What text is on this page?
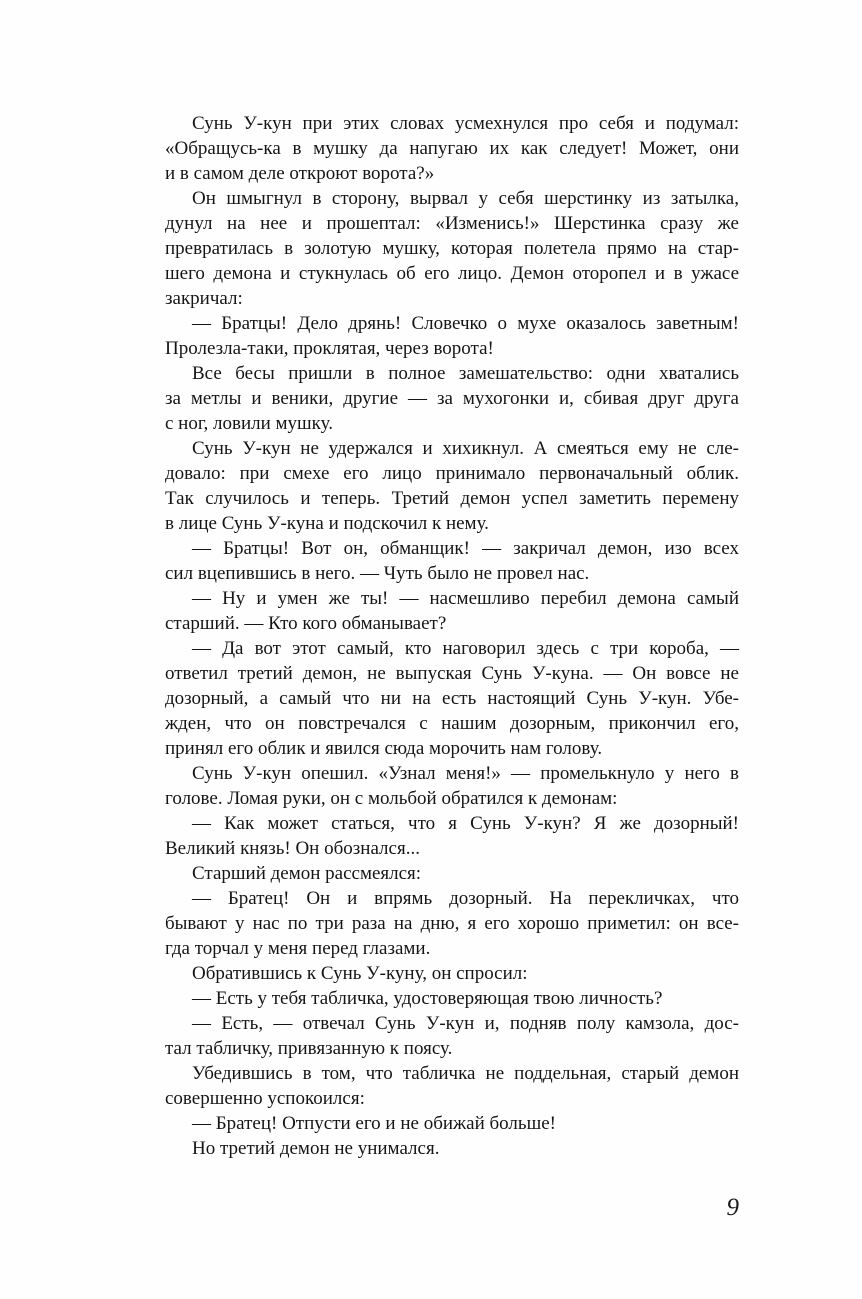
Сунь У-кун при этих словах усмехнулся про себя и подумал:
«Обращусь-ка в мушку да напугаю их как следует! Может, они
и в самом деле откроют ворота?»
Он шмыгнул в сторону, вырвал у себя шерстинку из затылка,
дунул на нее и прошептал: «Изменись!» Шерстинка сразу же
превратилась в золотую мушку, которая полетела прямо на стар-
шего демона и стукнулась об его лицо. Демон оторопел и в ужасе
закричал:
— Братцы! Дело дрянь! Словечко о мухе оказалось заветным!
Пролезла-таки, проклятая, через ворота!
Все бесы пришли в полное замешательство: одни хватались
за метлы и веники, другие — за мухогонки и, сбивая друг друга
с ног, ловили мушку.
Сунь У-кун не удержался и хихикнул. А смеяться ему не сле-
довало: при смехе его лицо принимало первоначальный облик.
Так случилось и теперь. Третий демон успел заметить перемену
в лице Сунь У-куна и подскочил к нему.
— Братцы! Вот он, обманщик! — закричал демон, изо всех
сил вцепившись в него. — Чуть было не провел нас.
— Ну и умен же ты! — насмешливо перебил демона самый
старший. — Кто кого обманывает?
— Да вот этот самый, кто наговорил здесь с три короба, —
ответил третий демон, не выпуская Сунь У-куна. — Он вовсе не
дозорный, а самый что ни на есть настоящий Сунь У-кун. Убе-
жден, что он повстречался с нашим дозорным, прикончил его,
принял его облик и явился сюда морочить нам голову.
Сунь У-кун опешил. «Узнал меня!» — промелькнуло у него в
голове. Ломая руки, он с мольбой обратился к демонам:
— Как может статься, что я Сунь У-кун? Я же дозорный!
Великий князь! Он обознался...
Старший демон рассмеялся:
— Братец! Он и впрямь дозорный. На перекличках, что
бывают у нас по три раза на дню, я его хорошо приметил: он все-
гда торчал у меня перед глазами.
Обратившись к Сунь У-куну, он спросил:
— Есть у тебя табличка, удостоверяющая твою личность?
— Есть, — отвечал Сунь У-кун и, подняв полу камзола, дос-
тал табличку, привязанную к поясу.
Убедившись в том, что табличка не поддельная, старый демон
совершенно успокоился:
— Братец! Отпусти его и не обижай больше!
Но третий демон не унимался.
9
